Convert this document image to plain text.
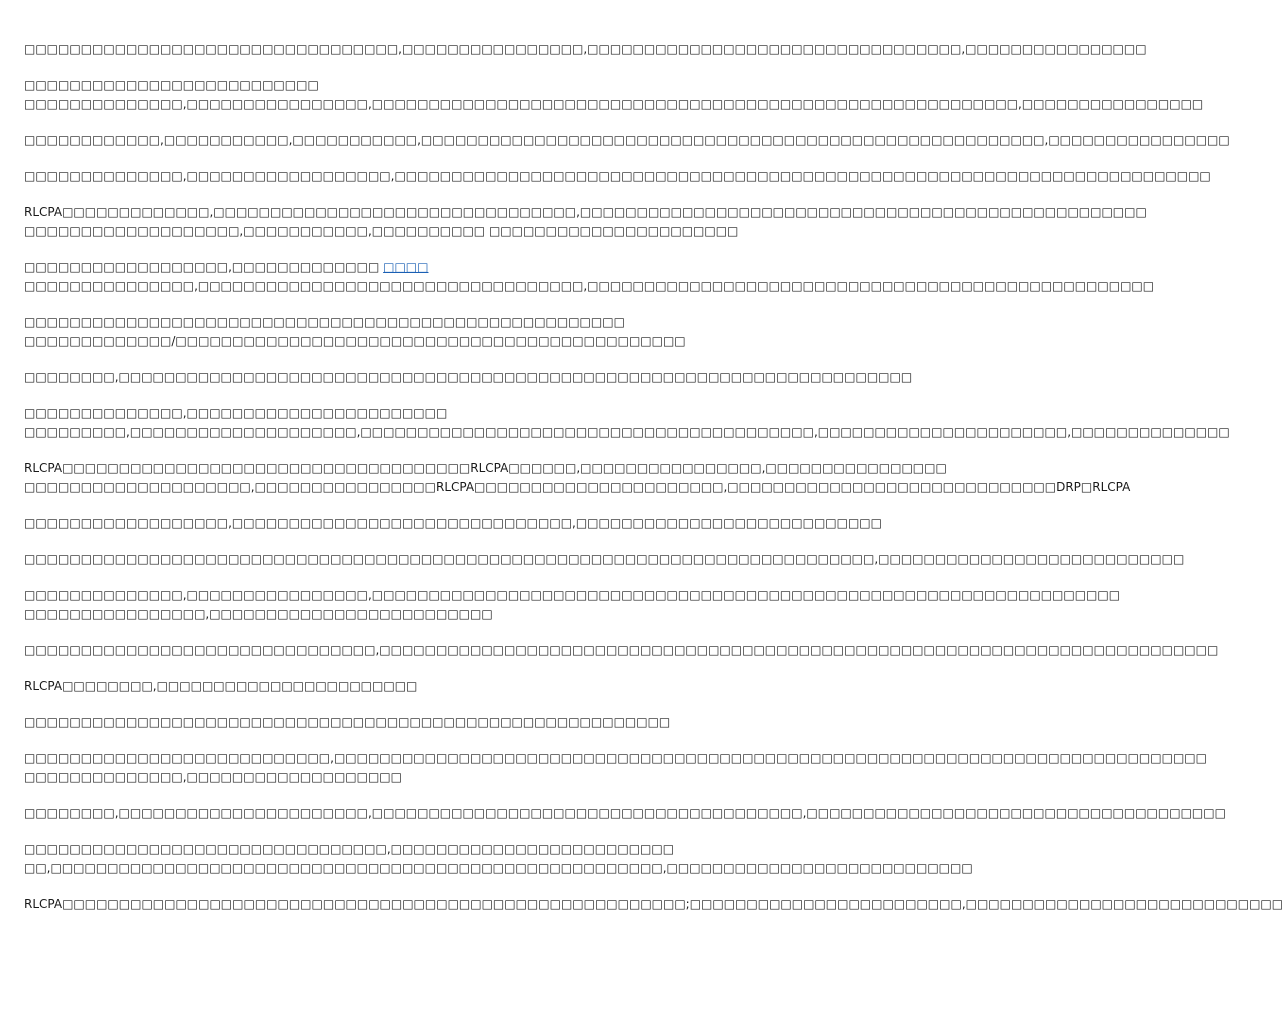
□□□□□□□□□□□□□□□□□□□□□□□□□□□□□□□□□,□□□□□□□□□□□□□□□□,□□□□□□□□□□□□□□□□□□□□□□□□□□□□□□□□□,□□□□□□□□□□□□□□□□

□□□□□□□□□□□□□□□□□□□□□□□□□□
□□□□□□□□□□□□□□,□□□□□□□□□□□□□□□□,□□□□□□□□□□□□□□□□□□□□□□□□□□□□□□□□□□□□□□□□□□□□□□□□□□□□□□□□□,□□□□□□□□□□□□□□□□

□□□□□□□□□□□□,□□□□□□□□□□□,□□□□□□□□□□□,□□□□□□□□□□□□□□□□□□□□□□□□□□□□□□□□□□□□□□□□□□□□□□□□□□□□□□□,□□□□□□□□□□□□□□□□

□□□□□□□□□□□□□□,□□□□□□□□□□□□□□□□□□,□□□□□□□□□□□□□□□□□□□□□□□□□□□□□□□□□□□□□□□□□□□□□□□□□□□□□□□□□□□□□□□□□□□□□□□□

RLCPA□□□□□□□□□□□□□,□□□□□□□□□□□□□□□□□□□□□□□□□□□□□□□□,□□□□□□□□□□□□□□□□□□□□□□□□□□□□□□□□□□□□□□□□□□□□□□□□□□
□□□□□□□□□□□□□□□□□□□,□□□□□□□□□□□,□□□□□□□□□□ □□□□□□□□□□□□□□□□□□□□□□

□□□□□□□□□□□□□□□□□□,□□□□□□□□□□□□□ □□□□
□□□□□□□□□□□□□□□,□□□□□□□□□□□□□□□□□□□□□□□□□□□□□□□□□□,□□□□□□□□□□□□□□□□□□□□□□□□□□□□□□□□□□□□□□□□□□□□□□□□□□

□□□□□□□□□□□□□□□□□□□□□□□□□□□□□□□□□□□□□□□□□□□□□□□□□□□□□
□□□□□□□□□□□□□/□□□□□□□□□□□□□□□□□□□□□□□□□□□□□□□□□□□□□□□□□□□□□

□□□□□□□□,□□□□□□□□□□□□□□□□□□□□□□□□□□□□□□□□□□□□□□□□□□□□□□□□□□□□□□□□□□□□□□□□□□□□□□

□□□□□□□□□□□□□□,□□□□□□□□□□□□□□□□□□□□□□□
□□□□□□□□□,□□□□□□□□□□□□□□□□□□□□,□□□□□□□□□□□□□□□□□□□□□□□□□□□□□□□□□□□□□□□□,□□□□□□□□□□□□□□□□□□□□□□,□□□□□□□□□□□□□□

RLCPA□□□□□□□□□□□□□□□□□□□□□□□□□□□□□□□□□□□□RLCPA□□□□□□,□□□□□□□□□□□□□□□□,□□□□□□□□□□□□□□□□
□□□□□□□□□□□□□□□□□□□□,□□□□□□□□□□□□□□□□RLCPA□□□□□□□□□□□□□□□□□□□□□□,□□□□□□□□□□□□□□□□□□□□□□□□□□□□□DRP□RLCPA

□□□□□□□□□□□□□□□□□□,□□□□□□□□□□□□□□□□□□□□□□□□□□□□□□,□□□□□□□□□□□□□□□□□□□□□□□□□□□

□□□□□□□□□□□□□□□□□□□□□□□□□□□□□□□□□□□□□□□□□□□□□□□□□□□□□□□□□□□□□□□□□□□□□□□□□□□,□□□□□□□□□□□□□□□□□□□□□□□□□□□

□□□□□□□□□□□□□□,□□□□□□□□□□□□□□□□,□□□□□□□□□□□□□□□□□□□□□□□□□□□□□□□□□□□□□□□□□□□□□□□□□□□□□□□□□□□□□□□□□□
□□□□□□□□□□□□□□□□,□□□□□□□□□□□□□□□□□□□□□□□□□

□□□□□□□□□□□□□□□□□□□□□□□□□□□□□□□,□□□□□□□□□□□□□□□□□□□□□□□□□□□□□□□□□□□□□□□□□□□□□□□□□□□□□□□□□□□□□□□□□□□□□□□□□□

RLCPA□□□□□□□□,□□□□□□□□□□□□□□□□□□□□□□□

□□□□□□□□□□□□□□□□□□□□□□□□□□□□□□□□□□□□□□□□□□□□□□□□□□□□□□□□□

□□□□□□□□□□□□□□□□□□□□□□□□□□□,□□□□□□□□□□□□□□□□□□□□□□□□□□□□□□□□□□□□□□□□□□□□□□□□□□□□□□□□□□□□□□□□□□□□□□□□□□□□□
□□□□□□□□□□□□□□,□□□□□□□□□□□□□□□□□□□

□□□□□□□□,□□□□□□□□□□□□□□□□□□□□□□,□□□□□□□□□□□□□□□□□□□□□□□□□□□□□□□□□□□□□□,□□□□□□□□□□□□□□□□□□□□□□□□□□□□□□□□□□□□□

□□□□□□□□□□□□□□□□□□□□□□□□□□□□□□□□,□□□□□□□□□□□□□□□□□□□□□□□□□
□□,□□□□□□□□□□□□□□□□□□□□□□□□□□□□□□□□□□□□□□□□□□□□□□□□□□□□□□,□□□□□□□□□□□□□□□□□□□□□□□□□□□

RLCPA□□□□□□□□□□□□□□□□□□□□□□□□□□□□□□□□□□□□□□□□□□□□□□□□□□□□□□□;□□□□□□□□□□□□□□□□□□□□□□□□,□□□□□□□□□□□□□□□□□□□□□□□□□□□□
